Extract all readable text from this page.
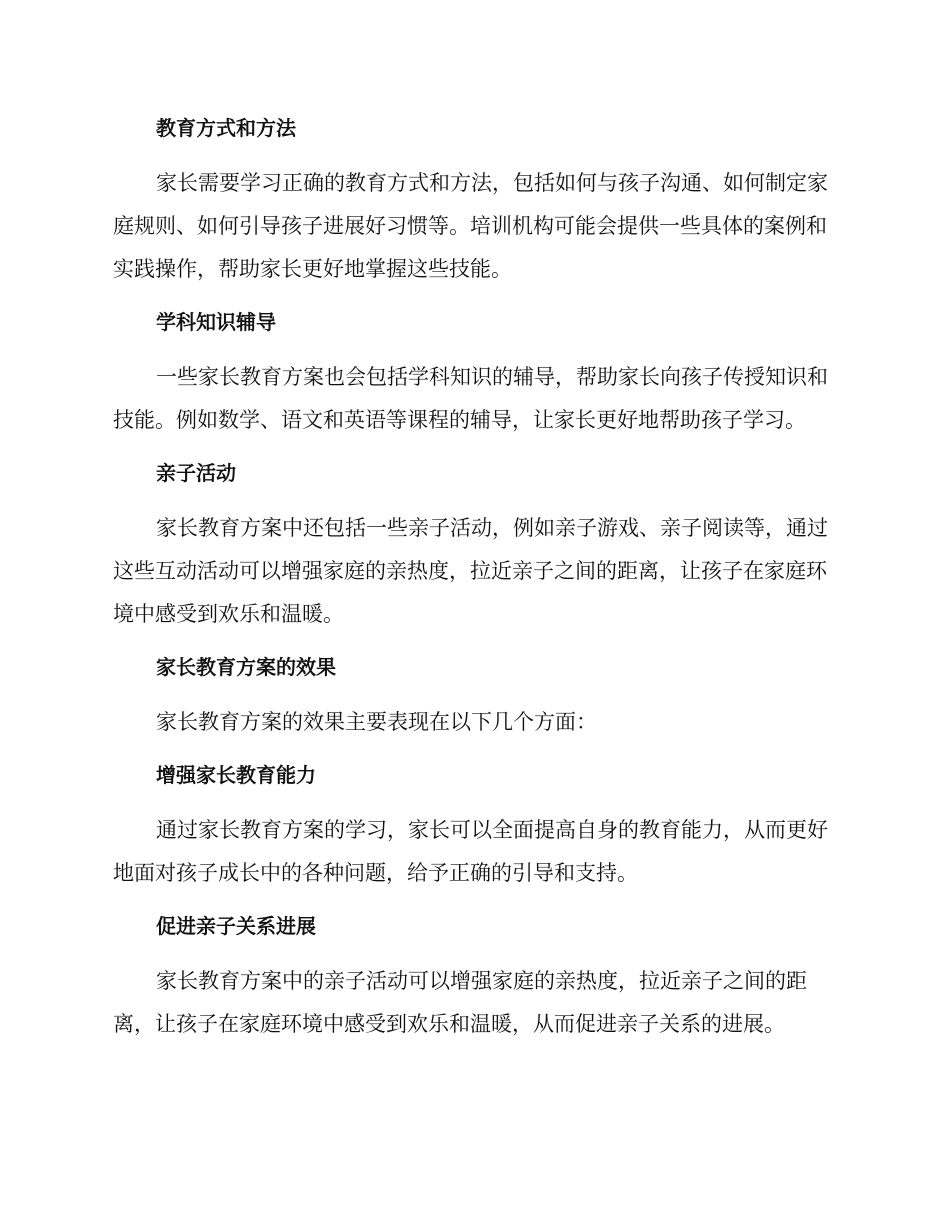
教育方式和方法

家长需要学习正确的教育方式和方法，包括如何与孩子沟通、如何制定家庭规则、如何引导孩子进展好习惯等。培训机构可能会提供一些具体的案例和实践操作，帮助家长更好地掌握这些技能。

学科知识辅导

一些家长教育方案也会包括学科知识的辅导，帮助家长向孩子传授知识和技能。例如数学、语文和英语等课程的辅导，让家长更好地帮助孩子学习。

亲子活动

家长教育方案中还包括一些亲子活动，例如亲子游戏、亲子阅读等，通过这些互动活动可以增强家庭的亲热度，拉近亲子之间的距离，让孩子在家庭环境中感受到欢乐和温暖。

家长教育方案的效果

家长教育方案的效果主要表现在以下几个方面：

增强家长教育能力

通过家长教育方案的学习，家长可以全面提高自身的教育能力，从而更好地面对孩子成长中的各种问题，给予正确的引导和支持。

促进亲子关系进展

家长教育方案中的亲子活动可以增强家庭的亲热度，拉近亲子之间的距离，让孩子在家庭环境中感受到欢乐和温暖，从而促进亲子关系的进展。
